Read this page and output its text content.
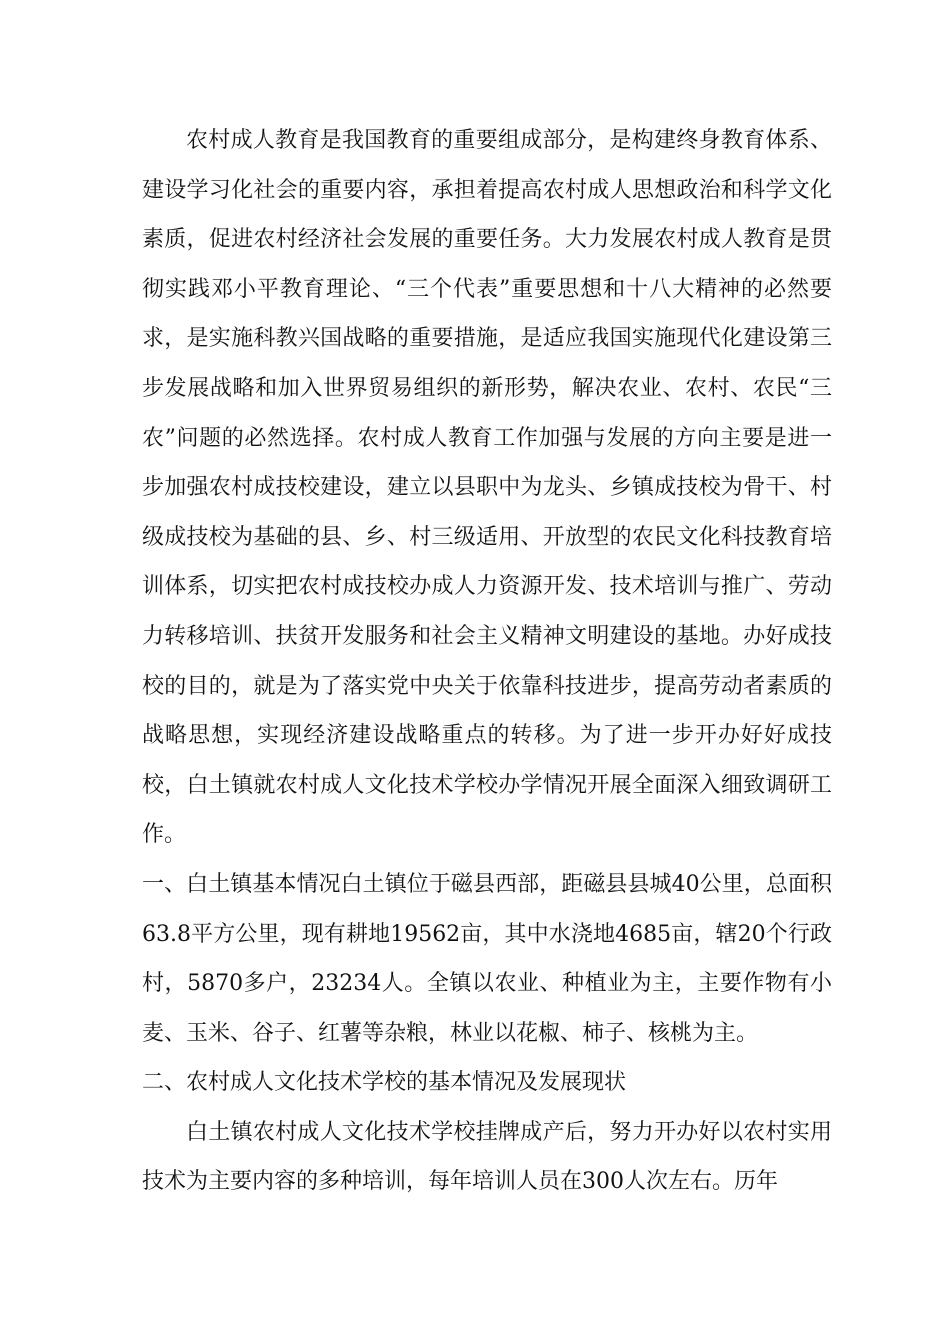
农村成人教育是我国教育的重要组成部分，是构建终身教育体系、建设学习化社会的重要内容，承担着提高农村成人思想政治和科学文化素质，促进农村经济社会发展的重要任务。大力发展农村成人教育是贯彻实践邓小平教育理论、“三个代表”重要思想和十八大精神的必然要求，是实施科教兴国战略的重要措施，是适应我国实施现代化建设第三步发展战略和加入世界贸易组织的新形势，解决农业、农村、农民“三农”问题的必然选择。农村成人教育工作加强与发展的方向主要是进一步加强农村成技校建设，建立以县职中为龙头、乡镇成技校为骨干、村级成技校为基础的县、乡、村三级适用、开放型的农民文化科技教育培训体系，切实把农村成技校办成人力资源开发、技术培训与推广、劳动力转移培训、扶贫开发服务和社会主义精神文明建设的基地。办好成技校的目的，就是为了落实党中央关于依靠科技进步，提高劳动者素质的战略思想，实现经济建设战略重点的转移。为了进一步开办好好成技校，白土镇就农村成人文化技术学校办学情况开展全面深入细致调研工作。

一、白土镇基本情况白土镇位于磁县西部，距磁县县城40公里，总面积63.8平方公里，现有耕地19562亩，其中水浇地4685亩，辖20个行政村，5870多户，23234人。全镇以农业、种植业为主，主要作物有小麦、玉米、谷子、红薯等杂粮，林业以花椒、柿子、核桃为主。

二、农村成人文化技术学校的基本情况及发展现状

白土镇农村成人文化技术学校挂牌成产后，努力开办好以农村实用技术为主要内容的多种培训，每年培训人员在300人次左右。历年
